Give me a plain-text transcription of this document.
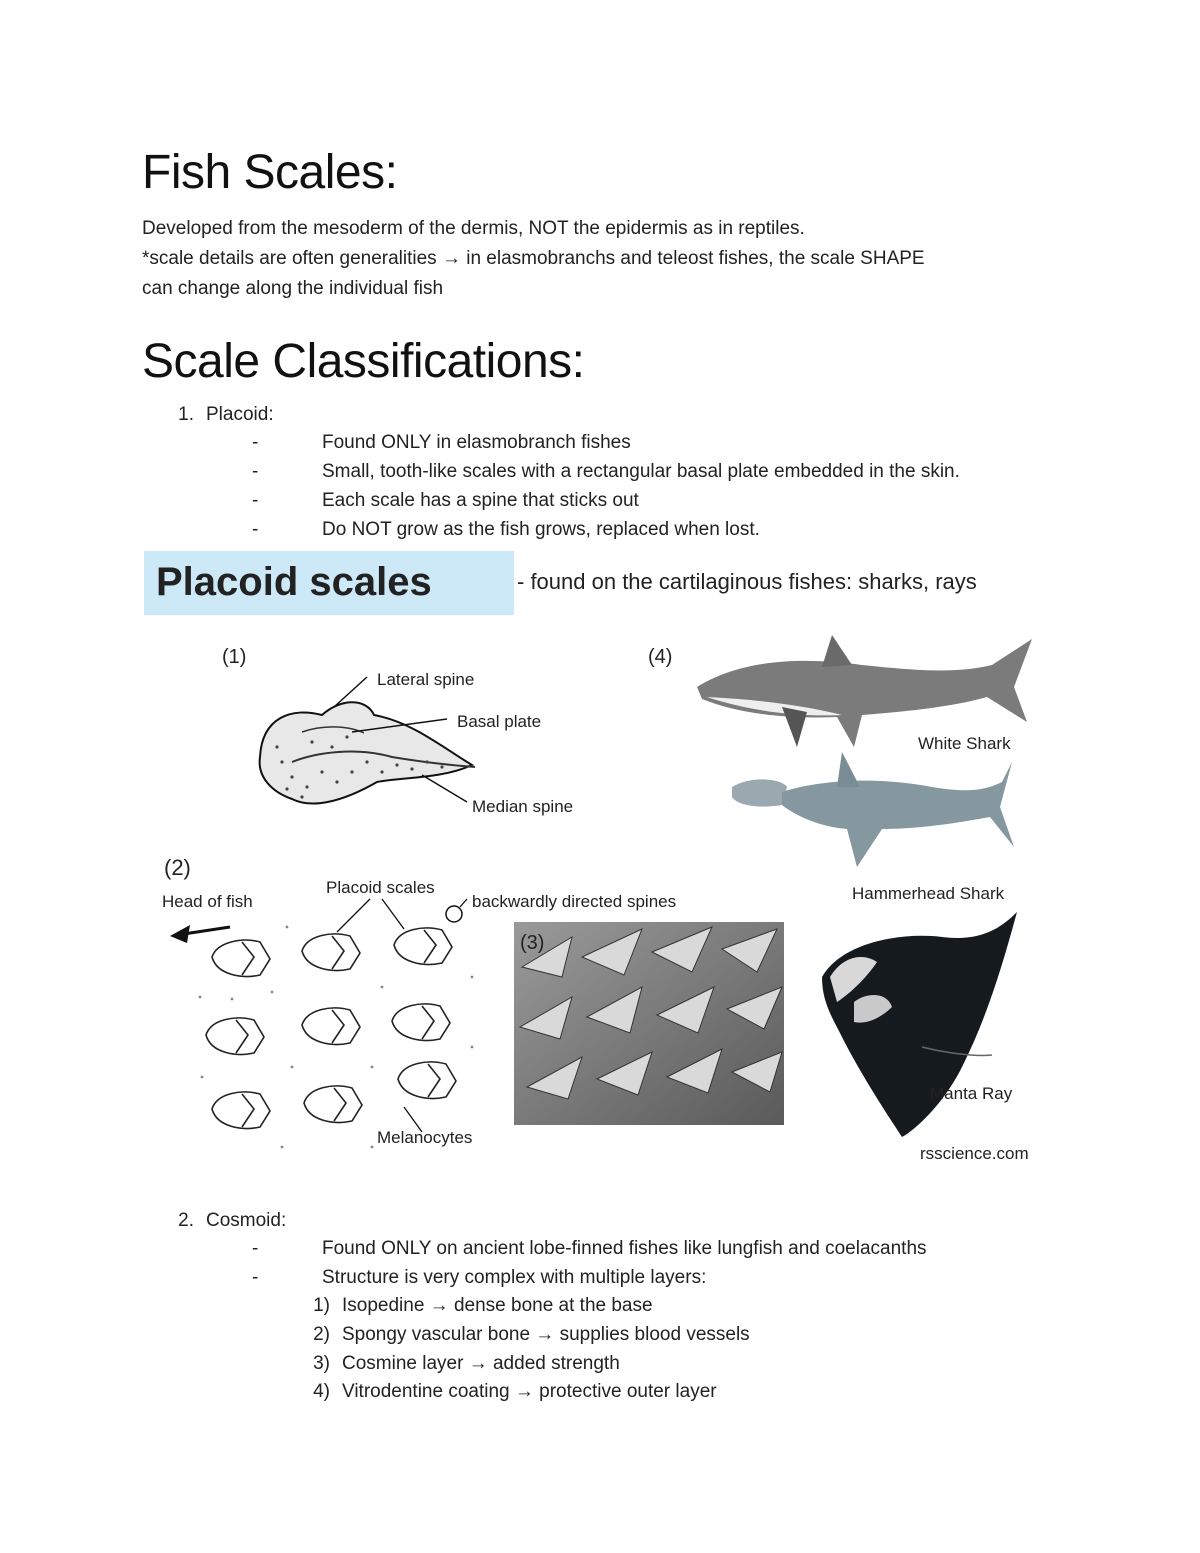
Fish Scales:
Developed from the mesoderm of the dermis, NOT the epidermis as in reptiles.
*scale details are often generalities → in elasmobranchs and teleost fishes, the scale SHAPE
can change along the individual fish
Scale Classifications:
1. Placoid:
-	Found ONLY in elasmobranch fishes
-	Small, tooth-like scales with a rectangular basal plate embedded in the skin.
-	Each scale has a spine that sticks out
-	Do NOT grow as the fish grows, replaced when lost.
Placoid scales	- found on the cartilaginous fishes: sharks, rays
(1)
Lateral spine
Basal plate
Median spine
(4)
White Shark
Hammerhead Shark
(2)
Head of fish
Placoid scales
backwardly directed spines
Melanocytes
(3)
Manta Ray
rsscience.com
2. Cosmoid:
-	Found ONLY on ancient lobe-finned fishes like lungfish and coelacanths
-	Structure is very complex with multiple layers:
1) Isopedine → dense bone at the base
2) Spongy vascular bone → supplies blood vessels
3) Cosmine layer → added strength
4) Vitrodentine coating → protective outer layer
